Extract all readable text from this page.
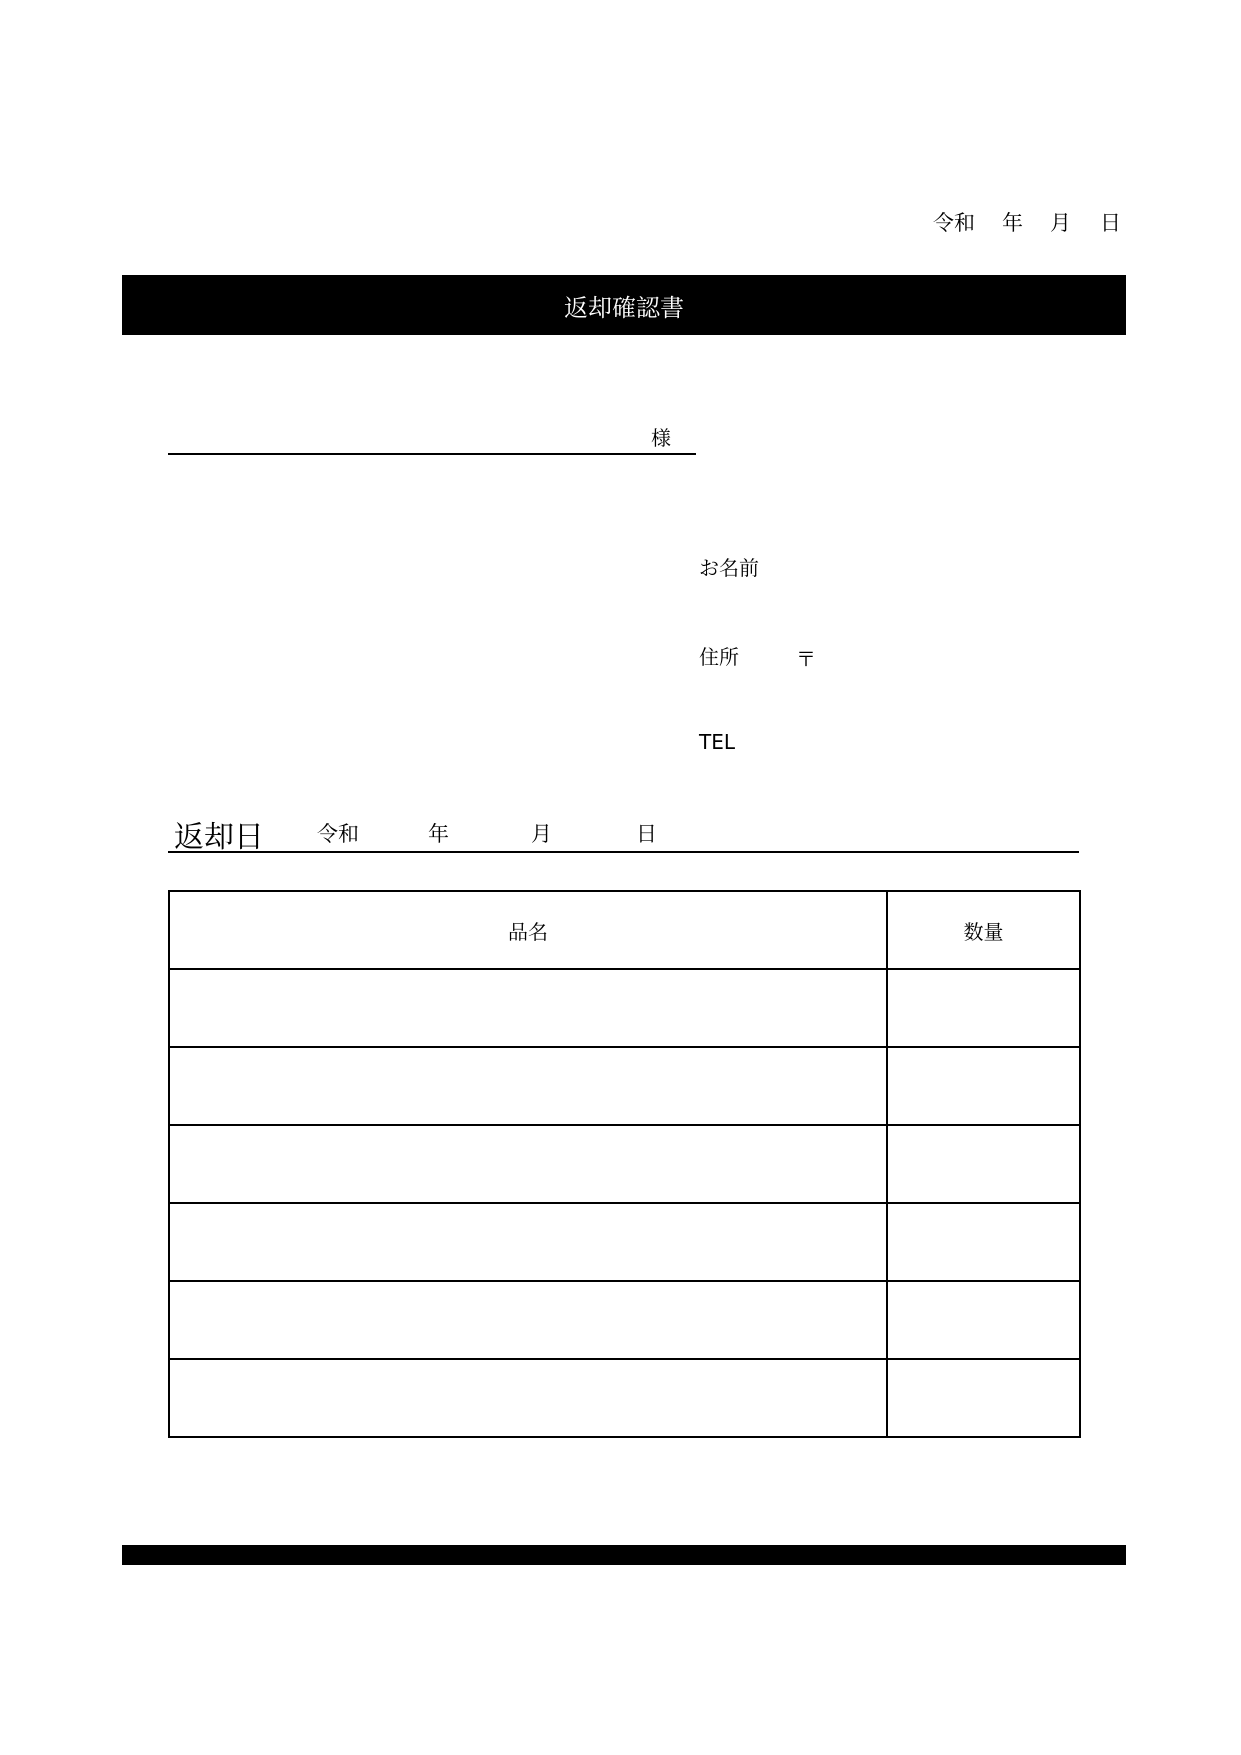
令和 年 月 日
返却確認書
様
お名前
住所	〒
TEL
返却日	令和	年	月	日
品名	数量
